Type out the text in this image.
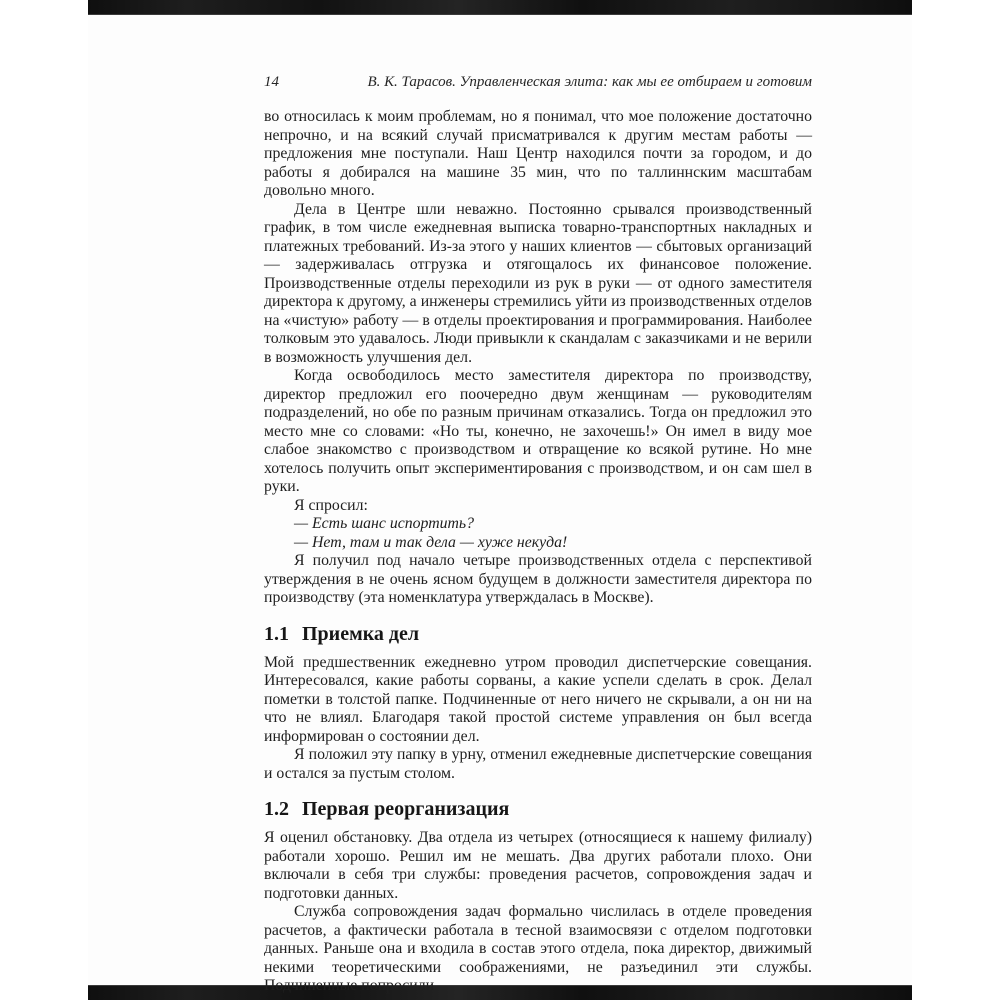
14	В. К. Тарасов. Управленческая элита: как мы ее отбираем и готовим

во относилась к моим проблемам, но я понимал, что мое положение достаточно непрочно, и на всякий случай присматривался к другим местам работы — предложения мне поступали. Наш Центр находился почти за городом, и до работы я добирался на машине 35 мин, что по таллиннским масштабам довольно много.

Дела в Центре шли неважно. Постоянно срывался производственный график, в том числе ежедневная выписка товарно-транспортных накладных и платежных требований. Из-за этого у наших клиентов — сбытовых организаций — задерживалась отгрузка и отягощалось их финансовое положение. Производственные отделы переходили из рук в руки — от одного заместителя директора к другому, а инженеры стремились уйти из производственных отделов на «чистую» работу — в отделы проектирования и программирования. Наиболее толковым это удавалось. Люди привыкли к скандалам с заказчиками и не верили в возможность улучшения дел.

Когда освободилось место заместителя директора по производству, директор предложил его поочередно двум женщинам — руководителям подразделений, но обе по разным причинам отказались. Тогда он предложил это место мне со словами: «Но ты, конечно, не захочешь!» Он имел в виду мое слабое знакомство с производством и отвращение ко всякой рутине. Но мне хотелось получить опыт экспериментирования с производством, и он сам шел в руки.

Я спросил:

— Есть шанс испортить?

— Нет, там и так дела — хуже некуда!

Я получил под начало четыре производственных отдела с перспективой утверждения в не очень ясном будущем в должности заместителя директора по производству (эта номенклатура утверждалась в Москве).

1.1 Приемка дел

Мой предшественник ежедневно утром проводил диспетчерские совещания. Интересовался, какие работы сорваны, а какие успели сделать в срок. Делал пометки в толстой папке. Подчиненные от него ничего не скрывали, а он ни на что не влиял. Благодаря такой простой системе управления он был всегда информирован о состоянии дел.

Я положил эту папку в урну, отменил ежедневные диспетчерские совещания и остался за пустым столом.

1.2 Первая реорганизация

Я оценил обстановку. Два отдела из четырех (относящиеся к нашему филиалу) работали хорошо. Решил им не мешать. Два других работали плохо. Они включали в себя три службы: проведения расчетов, сопровождения задач и подготовки данных.

Служба сопровождения задач формально числилась в отделе проведения расчетов, а фактически работала в тесной взаимосвязи с отделом подготовки данных. Раньше она и входила в состав этого отдела, пока директор, движимый некими теоретическими соображениями, не разъединил эти службы. Подчиненные попросили
